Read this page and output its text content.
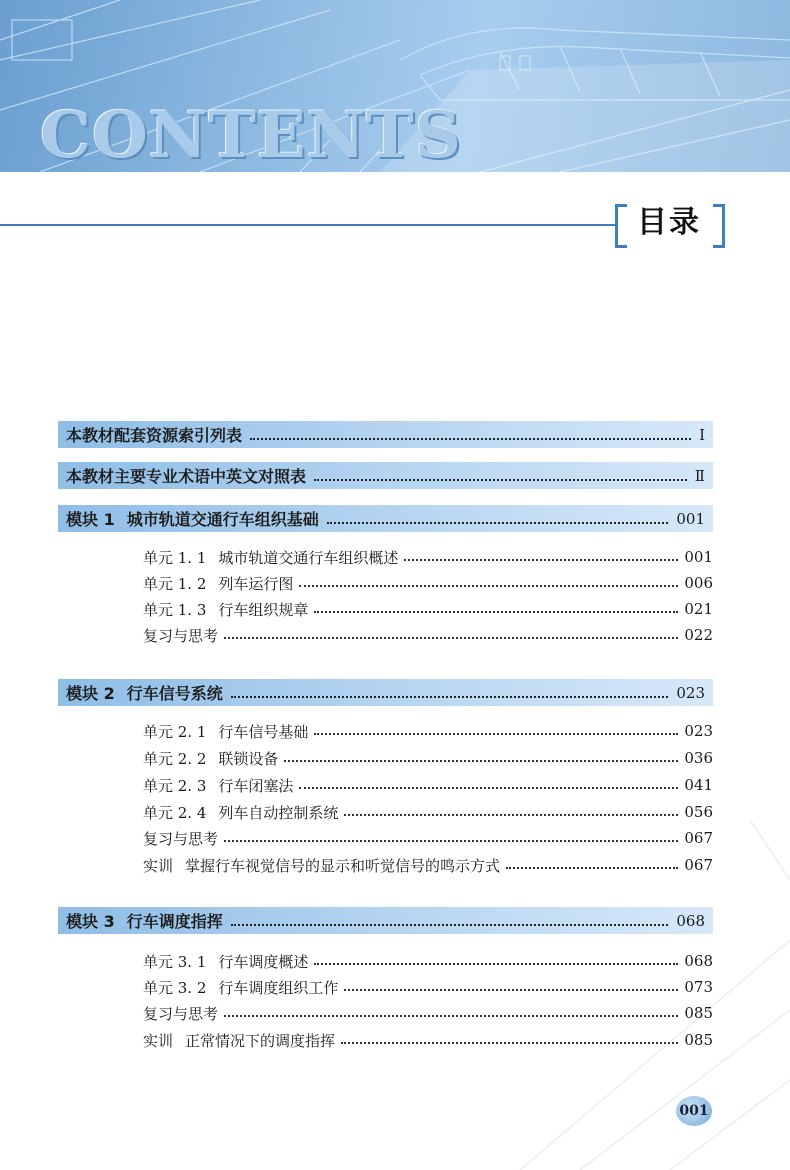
CONTENTS
目录
本教材配套资源索引列表	I
本教材主要专业术语中英文对照表	Ⅱ
模块 1 城市轨道交通行车组织基础	001
单元 1. 1 城市轨道交通行车组织概述	001
单元 1. 2 列车运行图	006
单元 1. 3 行车组织规章	021
复习与思考	022
模块 2 行车信号系统	023
单元 2. 1 行车信号基础	023
单元 2. 2 联锁设备	036
单元 2. 3 行车闭塞法	041
单元 2. 4 列车自动控制系统	056
复习与思考	067
实训 掌握行车视觉信号的显示和听觉信号的鸣示方式	067
模块 3 行车调度指挥	068
单元 3. 1 行车调度概述	068
单元 3. 2 行车调度组织工作	073
复习与思考	085
实训 正常情况下的调度指挥	085
001
